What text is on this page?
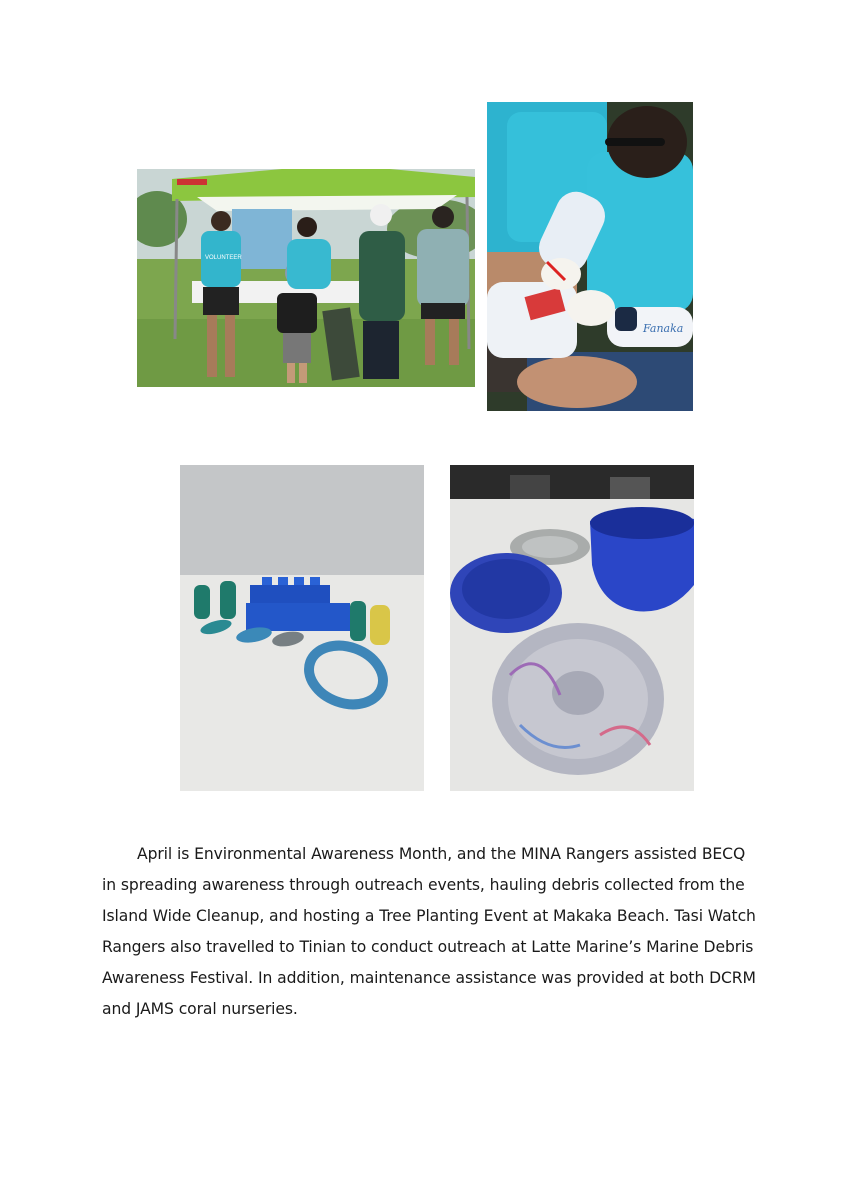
VOLUNTEER
Fanaka

April is Environmental Awareness Month, and the MINA Rangers assisted BECQ in spreading awareness through outreach events, hauling debris collected from the Island Wide Cleanup, and hosting a Tree Planting Event at Makaka Beach. Tasi Watch Rangers also travelled to Tinian to conduct outreach at Latte Marine’s Marine Debris Awareness Festival. In addition, maintenance assistance was provided at both DCRM and JAMS coral nurseries.
